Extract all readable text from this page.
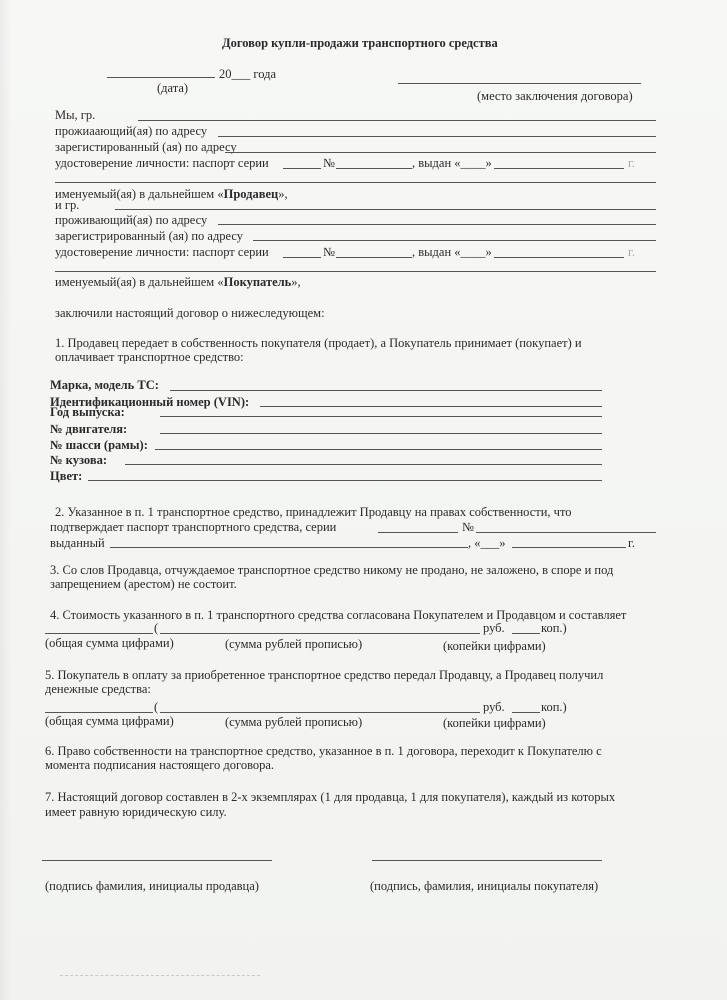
Договор купли-продажи транспортного средства
20___ года
(дата)
(место заключения договора)
Мы, гр.
прожиаающий(ая) по адресу
зарегистированный (ая) по адресу
удостоверение личности: паспорт серии	№	, выдан «____»	г.
именуемый(ая) в дальнейшем «Продавец»,
и гр.
проживающий(ая) по адресу
зарегистрированный (ая) по адресу
удостоверение личности: паспорт серии	№	, выдан «____»	г.
именуемый(ая) в дальнейшем «Покупатель»,
заключили настоящий договор о нижеследующем:
1. Продавец передает в собственность покупателя (продает), а Покупатель принимает (покупает) и
оплачивает транспортное средство:
Марка, модель ТС:
Идентификационный номер (VIN):
Год выпуска:
№ двигателя:
№ шасси (рамы):
№ кузова:
Цвет:
2. Указанное в п. 1 транспортное средство, принадлежит Продавцу на правах собственности, что
подтверждает паспорт транспортного средства, серии	№
выданный	, «___»	г.
3. Со слов Продавца, отчуждаемое транспортное средство никому не продано, не заложено, в споре и под
запрещением (арестом) не состоит.
4. Стоимость указанного в п. 1 транспортного средства согласована Покупателем и Продавцом и составляет
(	руб.	коп.)
(общая сумма цифрами)	(сумма рублей прописью)	(копейки цифрами)
5. Покупатель в оплату за приобретенное транспортное средство передал Продавцу, а Продавец получил
денежные средства:
(	руб.	коп.)
(общая сумма цифрами)	(сумма рублей прописью)	(копейки цифрами)
6. Право собственности на транспортное средство, указанное в п. 1 договора, переходит к Покупателю с
момента подписания настоящего договора.
7. Настоящий договор составлен в 2-х экземплярах (1 для продавца, 1 для покупателя), каждый из которых
имеет равную юридическую силу.
(подпись фамилия, инициалы продавца)	(подпись, фамилия, инициалы покупателя)
